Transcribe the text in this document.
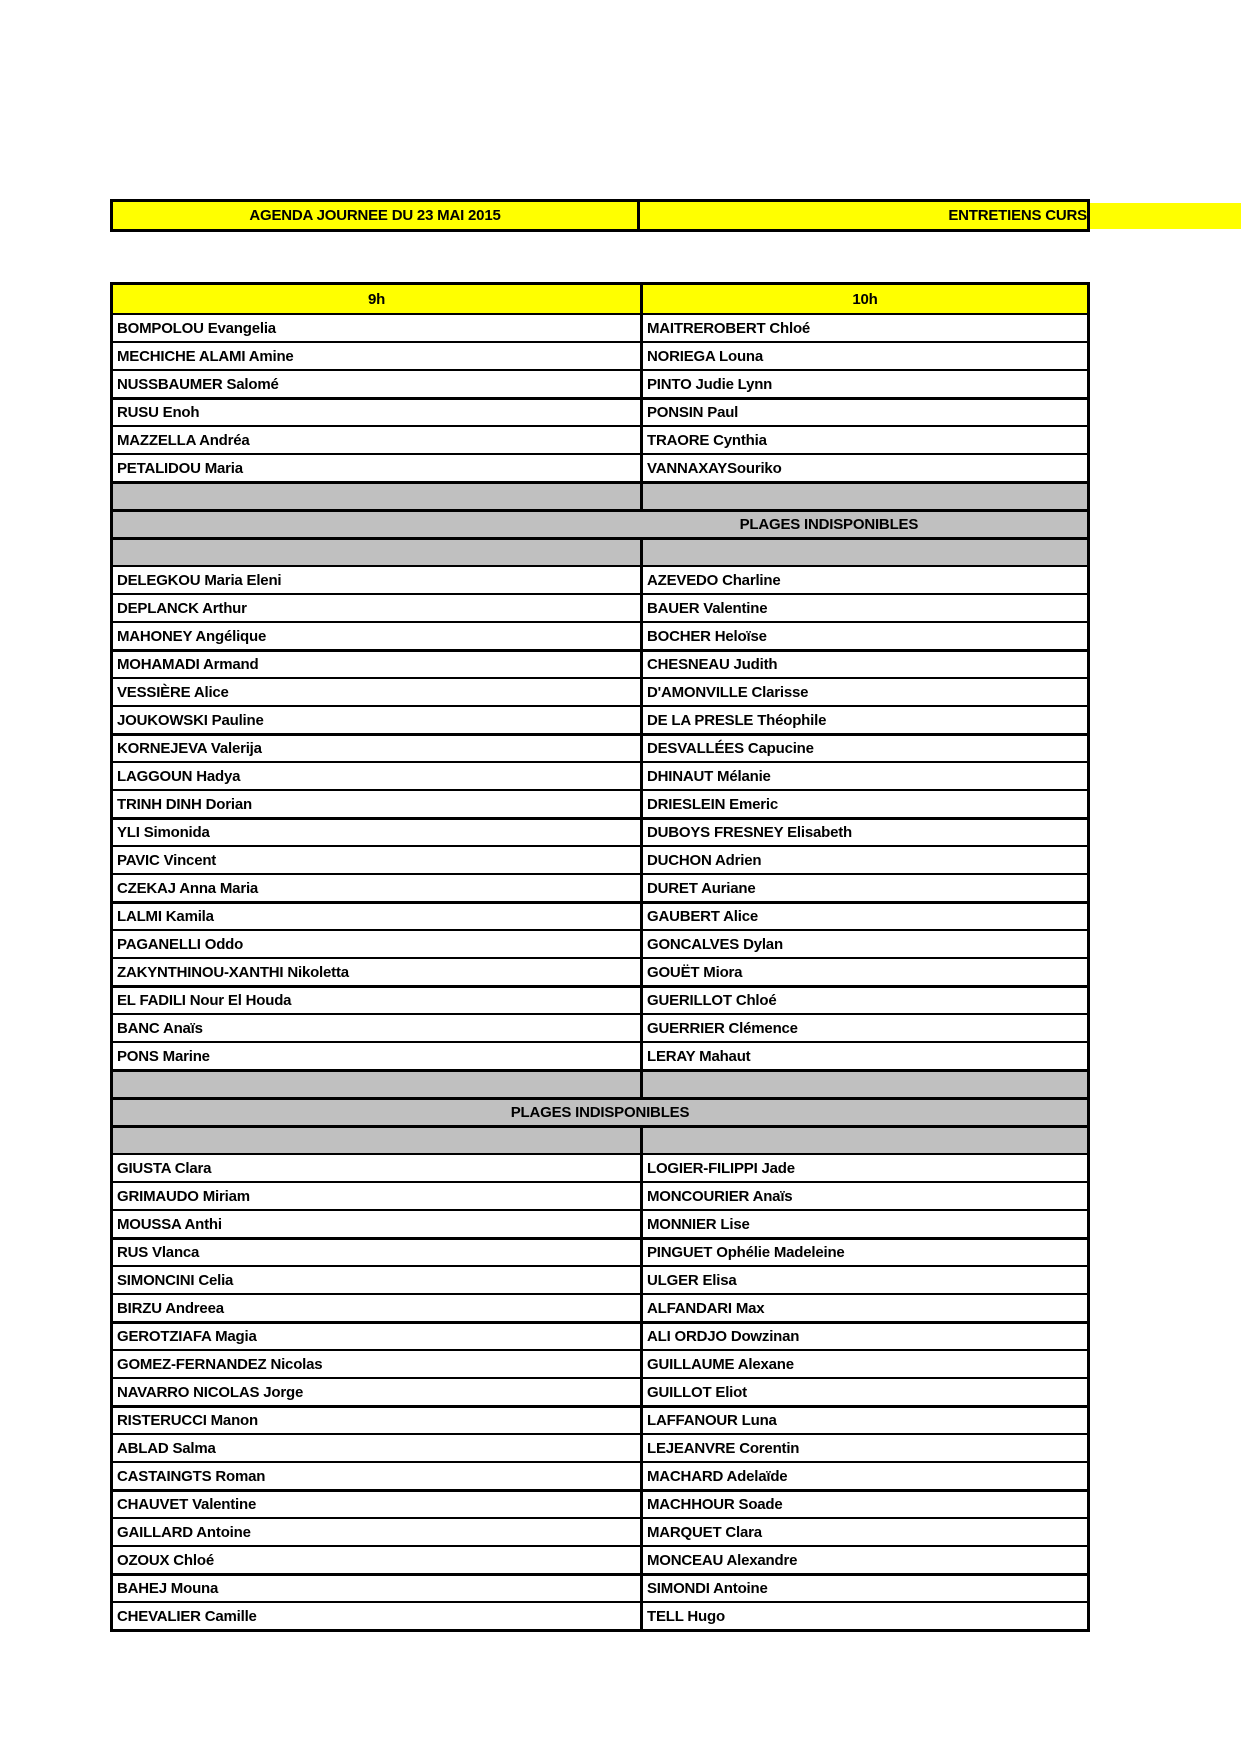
AGENDA JOURNEE DU 23 MAI 2015	ENTRETIENS CURS
9h	10h
BOMPOLOU Evangelia	MAITREROBERT Chloé
MECHICHE ALAMI Amine	NORIEGA Louna
NUSSBAUMER Salomé	PINTO Judie Lynn
RUSU Enoh	PONSIN Paul
MAZZELLA Andréa	TRAORE Cynthia
PETALIDOU Maria	VANNAXAYSouriko
PLAGES INDISPONIBLES
DELEGKOU Maria Eleni	AZEVEDO Charline
DEPLANCK Arthur	BAUER Valentine
MAHONEY Angélique	BOCHER Heloïse
MOHAMADI Armand	CHESNEAU Judith
VESSIÈRE Alice	D'AMONVILLE Clarisse
JOUKOWSKI Pauline	DE LA PRESLE Théophile
KORNEJEVA Valerija	DESVALLÉES Capucine
LAGGOUN Hadya	DHINAUT Mélanie
TRINH DINH Dorian	DRIESLEIN Emeric
YLI Simonida	DUBOYS FRESNEY Elisabeth
PAVIC Vincent	DUCHON Adrien
CZEKAJ Anna Maria	DURET Auriane
LALMI Kamila	GAUBERT Alice
PAGANELLI Oddo	GONCALVES Dylan
ZAKYNTHINOU-XANTHI Nikoletta	GOUËT Miora
EL FADILI Nour El Houda	GUERILLOT Chloé
BANC Anaïs	GUERRIER Clémence
PONS Marine	LERAY Mahaut
PLAGES INDISPONIBLES
GIUSTA Clara	LOGIER-FILIPPI Jade
GRIMAUDO Miriam	MONCOURIER Anaïs
MOUSSA Anthi	MONNIER Lise
RUS Vlanca	PINGUET Ophélie Madeleine
SIMONCINI Celia	ULGER Elisa
BIRZU Andreea	ALFANDARI Max
GEROTZIAFA Magia	ALI ORDJO Dowzinan
GOMEZ-FERNANDEZ Nicolas	GUILLAUME Alexane
NAVARRO NICOLAS Jorge	GUILLOT Eliot
RISTERUCCI Manon	LAFFANOUR Luna
ABLAD Salma	LEJEANVRE Corentin
CASTAINGTS Roman	MACHARD Adelaïde
CHAUVET Valentine	MACHHOUR Soade
GAILLARD Antoine	MARQUET Clara
OZOUX Chloé	MONCEAU Alexandre
BAHEJ Mouna	SIMONDI Antoine
CHEVALIER Camille	TELL Hugo
